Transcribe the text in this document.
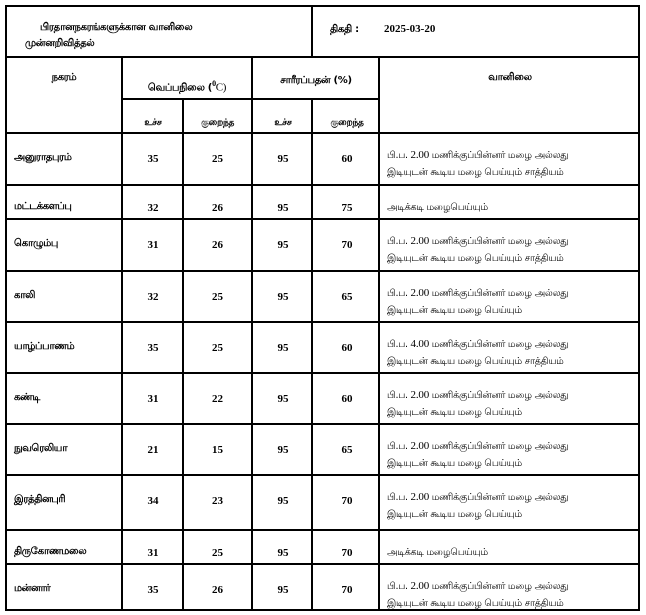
பிரதானநகரங்களுக்கான வானிலை
முன்னறிவித்தல்
திகதி : 2025-03-20
நகரம்
வெப்பநிலை ($^0$C)
சாரீரப்பதன் (%)	வானிலை
உச்ச	குறைந்த	உச்ச	குறைந்த
அனுராதபுரம்	35	25	95	60	பி.ப. 2.00 மணிக்குப்பின்னர் மழை அல்லது
இடியுடன் கூடிய மழை பெய்யும் சாத்தியம்
மட்டக்களப்பு	32	26	95	75	அடிக்கடி மழைபெய்யும்
கொழும்பு	31	26	95	70	பி.ப. 2.00 மணிக்குப்பின்னர் மழை அல்லது
இடியுடன் கூடிய மழை பெய்யும் சாத்தியம்
காலி	32	25	95	65	பி.ப. 2.00 மணிக்குப்பின்னர் மழை அல்லது
இடியுடன் கூடிய மழை பெய்யும்
யாழ்ப்பாணம்	35	25	95	60	பி.ப. 4.00 மணிக்குப்பின்னர் மழை அல்லது
இடியுடன் கூடிய மழை பெய்யும் சாத்தியம்
கண்டி	31	22	95	60	பி.ப. 2.00 மணிக்குப்பின்னர் மழை அல்லது
இடியுடன் கூடிய மழை பெய்யும்
நுவரெலியா	21	15	95	65	பி.ப. 2.00 மணிக்குப்பின்னர் மழை அல்லது
இடியுடன் கூடிய மழை பெய்யும்
இரத்தினபுரி	34	23	95	70	பி.ப. 2.00 மணிக்குப்பின்னர் மழை அல்லது
இடியுடன் கூடிய மழை பெய்யும்
திருகோணமலை	31	25	95	70	அடிக்கடி மழைபெய்யும்
மன்னார்	35	26	95	70	பி.ப. 2.00 மணிக்குப்பின்னர் மழை அல்லது
இடியுடன் கூடிய மழை பெய்யும் சாத்தியம்
